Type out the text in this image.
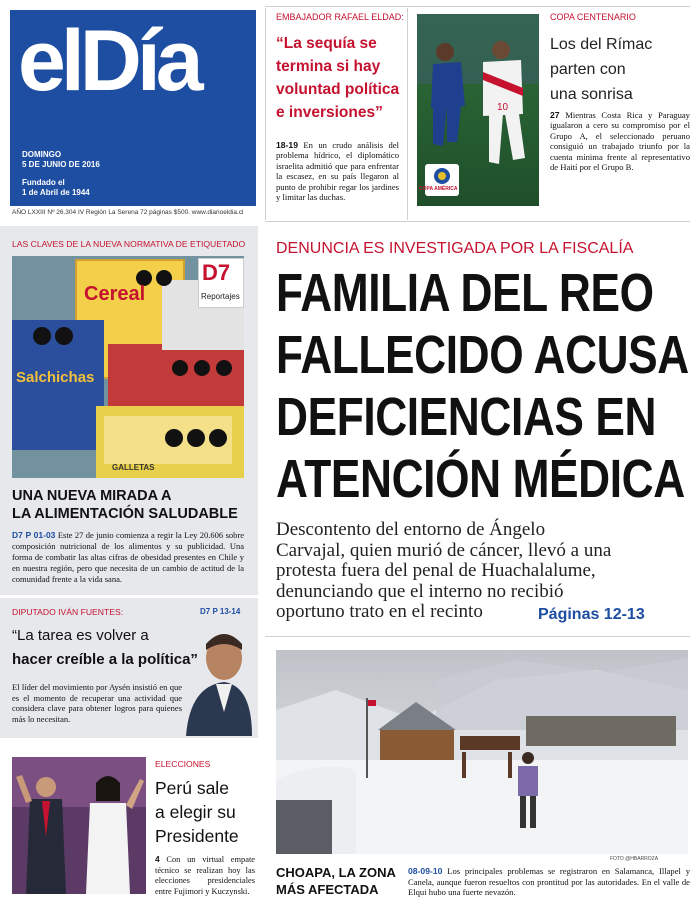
elDía
DOMINGO
5 DE JUNIO DE 2016
Fundado el
1 de Abril de 1944
AÑO LXXIII Nº 26.304 IV Región La Serena 72 páginas $500. www.diarioeldia.cl
EMBAJADOR RAFAEL ELDAD:
“La sequía se
termina si hay
voluntad política
e inversiones”
18-19 En un crudo análisis del problema hídrico, el diplomático israelita admitió que para enfrentar la escasez, en su país llegaron al punto de prohibir regar los jardines y limitar las duchas.
10
COPA AMÉRICA
COPA CENTENARIO
Los del Rímac
parten con
una sonrisa
27 Mientras Costa Rica y Paraguay igualaron a cero su compromiso por el Grupo A, el seleccionado peruano consiguió un trabajado triunfo por la cuenta mínima frente al representativo de Haití por el Grupo B.
LAS CLAVES DE LA NUEVA NORMATIVA DE ETIQUETADO
Cereal
Salchichas
GALLETAS
D7
Reportajes
UNA NUEVA MIRADA A
LA ALIMENTACIÓN SALUDABLE
D7 P 01-03 Este 27 de junio comienza a regir la Ley 20.606 sobre composición nutricional de los alimentos y su publicidad. Una forma de combatir las altas cifras de obesidad presentes en Chile y en nuestra región, pero que necesita de un cambio de actitud de la comunidad frente a la vida sana.
DIPUTADO IVÁN FUENTES:	D7 P 13-14
“La tarea es volver a
hacer creíble a la política”
El líder del movimiento por Aysén insistió en que es el momento de recuperar una actividad que considera clave para obtener logros para quienes más lo necesitan.
ELECCIONES
Perú sale
a elegir su
Presidente
4 Con un virtual empate técnico se realizan hoy las elecciones presidenciales entre Fujimori y Kuczynski.
DENUNCIA ES INVESTIGADA POR LA FISCALÍA
FAMILIA DEL REO
FALLECIDO ACUSA
DEFICIENCIAS EN
ATENCIÓN MÉDICA
Descontento del entorno de Ángelo
Carvajal, quien murió de cáncer, llevó a una
protesta fuera del penal de Huachalalume,
denunciando que el interno no recibió
oportuno trato en el recinto	Páginas 12-13
FOTO @HBARROZA
CHOAPA, LA ZONA
MÁS AFECTADA
08-09-10 Los principales problemas se registraron en Salamanca, Illapel y Canela, aunque fueron resueltos con prontitud por las autoridades. En el valle de Elqui hubo una fuerte nevazón.
